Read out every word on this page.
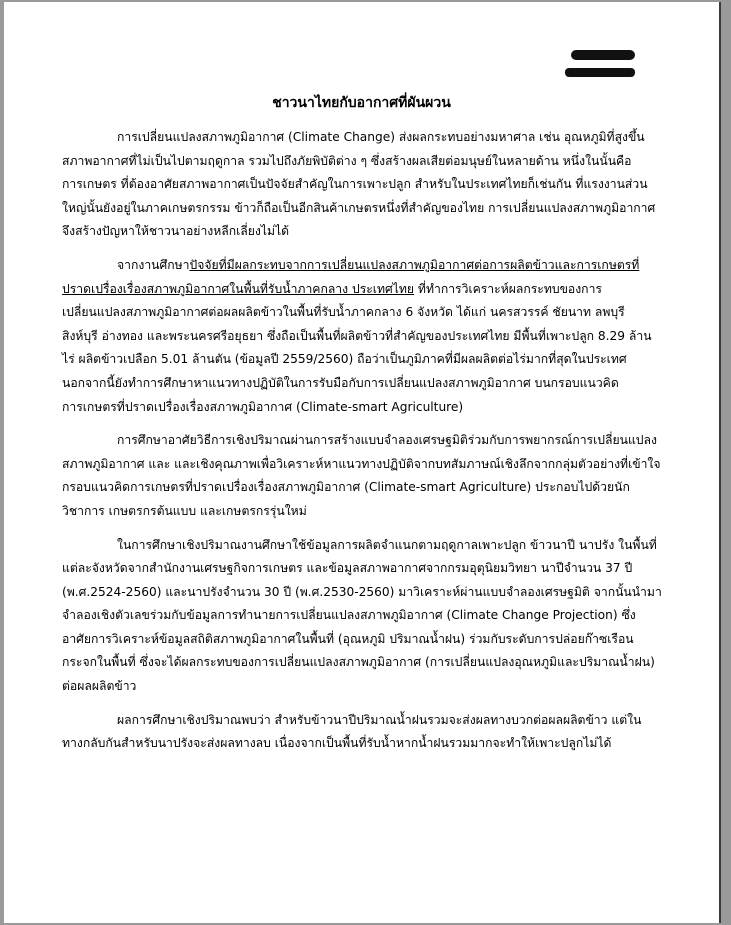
ชาวนาไทยกับอากาศที่ผันผวน

การเปลี่ยนแปลงสภาพภูมิอากาศ (Climate Change) ส่งผลกระทบอย่างมหาศาล เช่น อุณหภูมิที่สูงขึ้น สภาพอากาศที่ไม่เป็นไปตามฤดูกาล รวมไปถึงภัยพิบัติต่าง ๆ ซึ่งสร้างผลเสียต่อมนุษย์ในหลายด้าน หนึ่งในนั้นคือการเกษตร ที่ต้องอาศัยสภาพอากาศเป็นปัจจัยสำคัญในการเพาะปลูก สำหรับในประเทศไทยก็เช่นกัน ที่แรงงานส่วนใหญ่นั้นยังอยู่ในภาคเกษตรกรรม ข้าวก็ถือเป็นอีกสินค้าเกษตรหนึ่งที่สำคัญของไทย การเปลี่ยนแปลงสภาพภูมิอากาศจึงสร้างปัญหาให้ชาวนาอย่างหลีกเลี่ยงไม่ได้

จากงานศึกษาปัจจัยที่มีผลกระทบจากการเปลี่ยนแปลงสภาพภูมิอากาศต่อการผลิตข้าวและการเกษตรที่ปราดเปรื่องเรื่องสภาพภูมิอากาศในพื้นที่รับน้ำภาคกลาง ประเทศไทย ที่ทำการวิเคราะห์ผลกระทบของการเปลี่ยนแปลงสภาพภูมิอากาศต่อผลผลิตข้าวในพื้นที่รับน้ำภาคกลาง 6 จังหวัด ได้แก่ นครสวรรค์ ชัยนาท ลพบุรี สิงห์บุรี อ่างทอง และพระนครศรีอยุธยา ซึ่งถือเป็นพื้นที่ผลิตข้าวที่สำคัญของประเทศไทย มีพื้นที่เพาะปลูก 8.29 ล้านไร่ ผลิตข้าวเปลือก 5.01 ล้านตัน (ข้อมูลปี 2559/2560) ถือว่าเป็นภูมิภาคที่มีผลผลิตต่อไร่มากที่สุดในประเทศ นอกจากนี้ยังทำการศึกษาหาแนวทางปฏิบัติในการรับมือกับการเปลี่ยนแปลงสภาพภูมิอากาศ บนกรอบแนวคิดการเกษตรที่ปราดเปรื่องเรื่องสภาพภูมิอากาศ (Climate-smart Agriculture)

การศึกษาอาศัยวิธีการเชิงปริมาณผ่านการสร้างแบบจำลองเศรษฐมิติร่วมกับการพยากรณ์การเปลี่ยนแปลงสภาพภูมิอากาศ และ และเชิงคุณภาพเพื่อวิเคราะห์หาแนวทางปฏิบัติจากบทสัมภาษณ์เชิงลึกจากกลุ่มตัวอย่างที่เข้าใจกรอบแนวคิดการเกษตรที่ปราดเปรื่องเรื่องสภาพภูมิอากาศ (Climate-smart Agriculture) ประกอบไปด้วยนักวิชาการ เกษตรกรต้นแบบ และเกษตรกรรุ่นใหม่

ในการศึกษาเชิงปริมาณงานศึกษาใช้ข้อมูลการผลิตจำแนกตามฤดูกาลเพาะปลูก ข้าวนาปี นาปรัง ในพื้นที่แต่ละจังหวัดจากสำนักงานเศรษฐกิจการเกษตร และข้อมูลสภาพอากาศจากกรมอุตุนิยมวิทยา นาปีจำนวน 37 ปี (พ.ศ.2524-2560) และนาปรังจำนวน 30 ปี (พ.ศ.2530-2560) มาวิเคราะห์ผ่านแบบจำลองเศรษฐมิติ จากนั้นนำมาจำลองเชิงตัวเลขร่วมกับข้อมูลการทำนายการเปลี่ยนแปลงสภาพภูมิอากาศ (Climate Change Projection) ซึ่งอาศัยการวิเคราะห์ข้อมูลสถิติสภาพภูมิอากาศในพื้นที่ (อุณหภูมิ ปริมาณน้ำฝน) ร่วมกับระดับการปล่อยก๊าซเรือนกระจกในพื้นที่ ซึ่งจะได้ผลกระทบของการเปลี่ยนแปลงสภาพภูมิอากาศ (การเปลี่ยนแปลงอุณหภูมิและปริมาณน้ำฝน) ต่อผลผลิตข้าว

ผลการศึกษาเชิงปริมาณพบว่า สำหรับข้าวนาปีปริมาณน้ำฝนรวมจะส่งผลทางบวกต่อผลผลิตข้าว แต่ในทางกลับกันสำหรับนาปรังจะส่งผลทางลบ เนื่องจากเป็นพื้นที่รับน้ำหากน้ำฝนรวมมากจะทำให้เพาะปลูกไม่ได้
